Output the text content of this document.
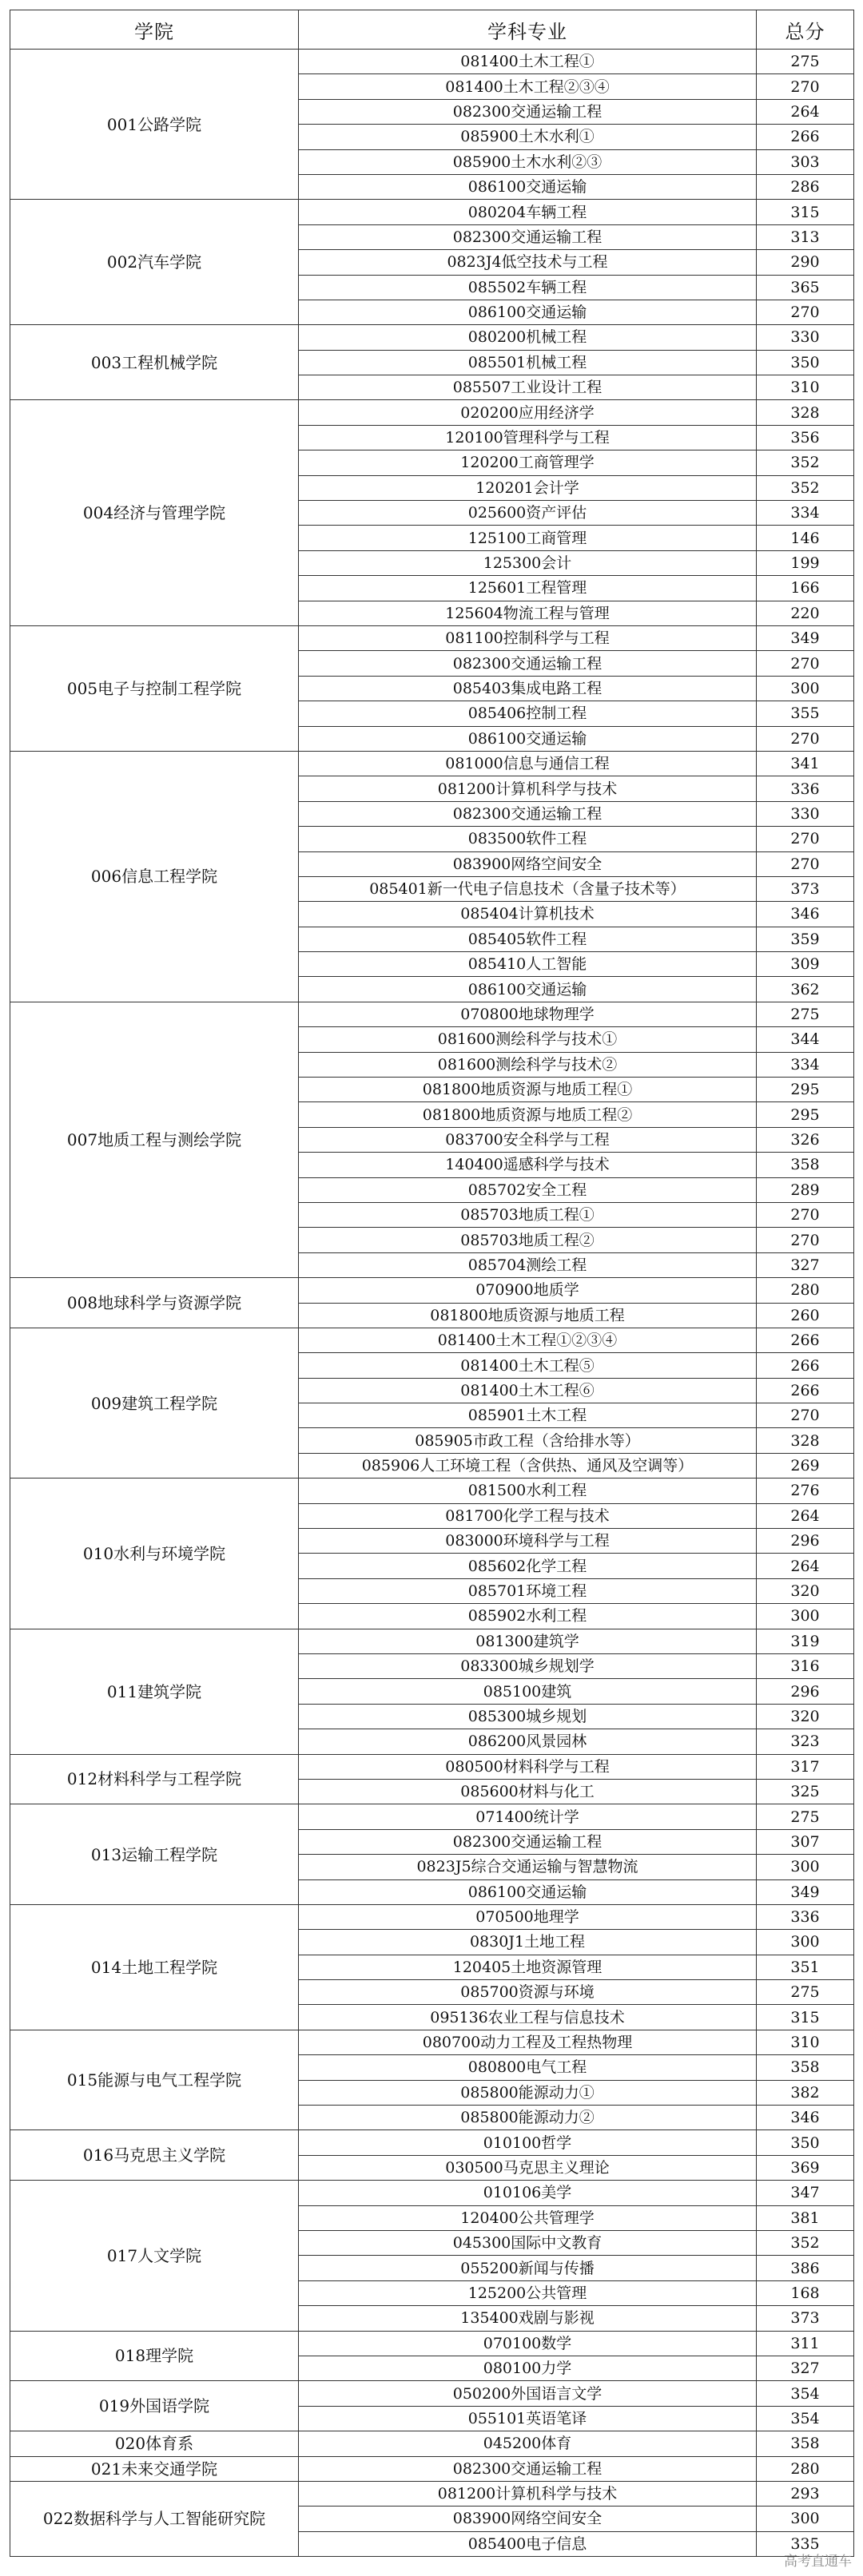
学院	学科专业	总分
001公路学院	081400土木工程①	275
	081400土木工程②③④	270
	082300交通运输工程	264
	085900土木水利①	266
	085900土木水利②③	303
	086100交通运输	286
002汽车学院	080204车辆工程	315
	082300交通运输工程	313
	0823J4低空技术与工程	290
	085502车辆工程	365
	086100交通运输	270
003工程机械学院	080200机械工程	330
	085501机械工程	350
	085507工业设计工程	310
004经济与管理学院	020200应用经济学	328
	120100管理科学与工程	356
	120200工商管理学	352
	120201会计学	352
	025600资产评估	334
	125100工商管理	146
	125300会计	199
	125601工程管理	166
	125604物流工程与管理	220
005电子与控制工程学院	081100控制科学与工程	349
	082300交通运输工程	270
	085403集成电路工程	300
	085406控制工程	355
	086100交通运输	270
006信息工程学院	081000信息与通信工程	341
	081200计算机科学与技术	336
	082300交通运输工程	330
	083500软件工程	270
	083900网络空间安全	270
	085401新一代电子信息技术（含量子技术等）	373
	085404计算机技术	346
	085405软件工程	359
	085410人工智能	309
	086100交通运输	362
007地质工程与测绘学院	070800地球物理学	275
	081600测绘科学与技术①	344
	081600测绘科学与技术②	334
	081800地质资源与地质工程①	295
	081800地质资源与地质工程②	295
	083700安全科学与工程	326
	140400遥感科学与技术	358
	085702安全工程	289
	085703地质工程①	270
	085703地质工程②	270
	085704测绘工程	327
008地球科学与资源学院	070900地质学	280
	081800地质资源与地质工程	260
009建筑工程学院	081400土木工程①②③④	266
	081400土木工程⑤	266
	081400土木工程⑥	266
	085901土木工程	270
	085905市政工程（含给排水等）	328
	085906人工环境工程（含供热、通风及空调等）	269
010水利与环境学院	081500水利工程	276
	081700化学工程与技术	264
	083000环境科学与工程	296
	085602化学工程	264
	085701环境工程	320
	085902水利工程	300
011建筑学院	081300建筑学	319
	083300城乡规划学	316
	085100建筑	296
	085300城乡规划	320
	086200风景园林	323
012材料科学与工程学院	080500材料科学与工程	317
	085600材料与化工	325
013运输工程学院	071400统计学	275
	082300交通运输工程	307
	0823J5综合交通运输与智慧物流	300
	086100交通运输	349
014土地工程学院	070500地理学	336
	0830J1土地工程	300
	120405土地资源管理	351
	085700资源与环境	275
	095136农业工程与信息技术	315
015能源与电气工程学院	080700动力工程及工程热物理	310
	080800电气工程	358
	085800能源动力①	382
	085800能源动力②	346
016马克思主义学院	010100哲学	350
	030500马克思主义理论	369
017人文学院	010106美学	347
	120400公共管理学	381
	045300国际中文教育	352
	055200新闻与传播	386
	125200公共管理	168
	135400戏剧与影视	373
018理学院	070100数学	311
	080100力学	327
019外国语学院	050200外国语言文学	354
	055101英语笔译	354
020体育系	045200体育	358
021未来交通学院	082300交通运输工程	280
022数据科学与人工智能研究院	081200计算机科学与技术	293
	083900网络空间安全	300
	085400电子信息	335
高考直通车
